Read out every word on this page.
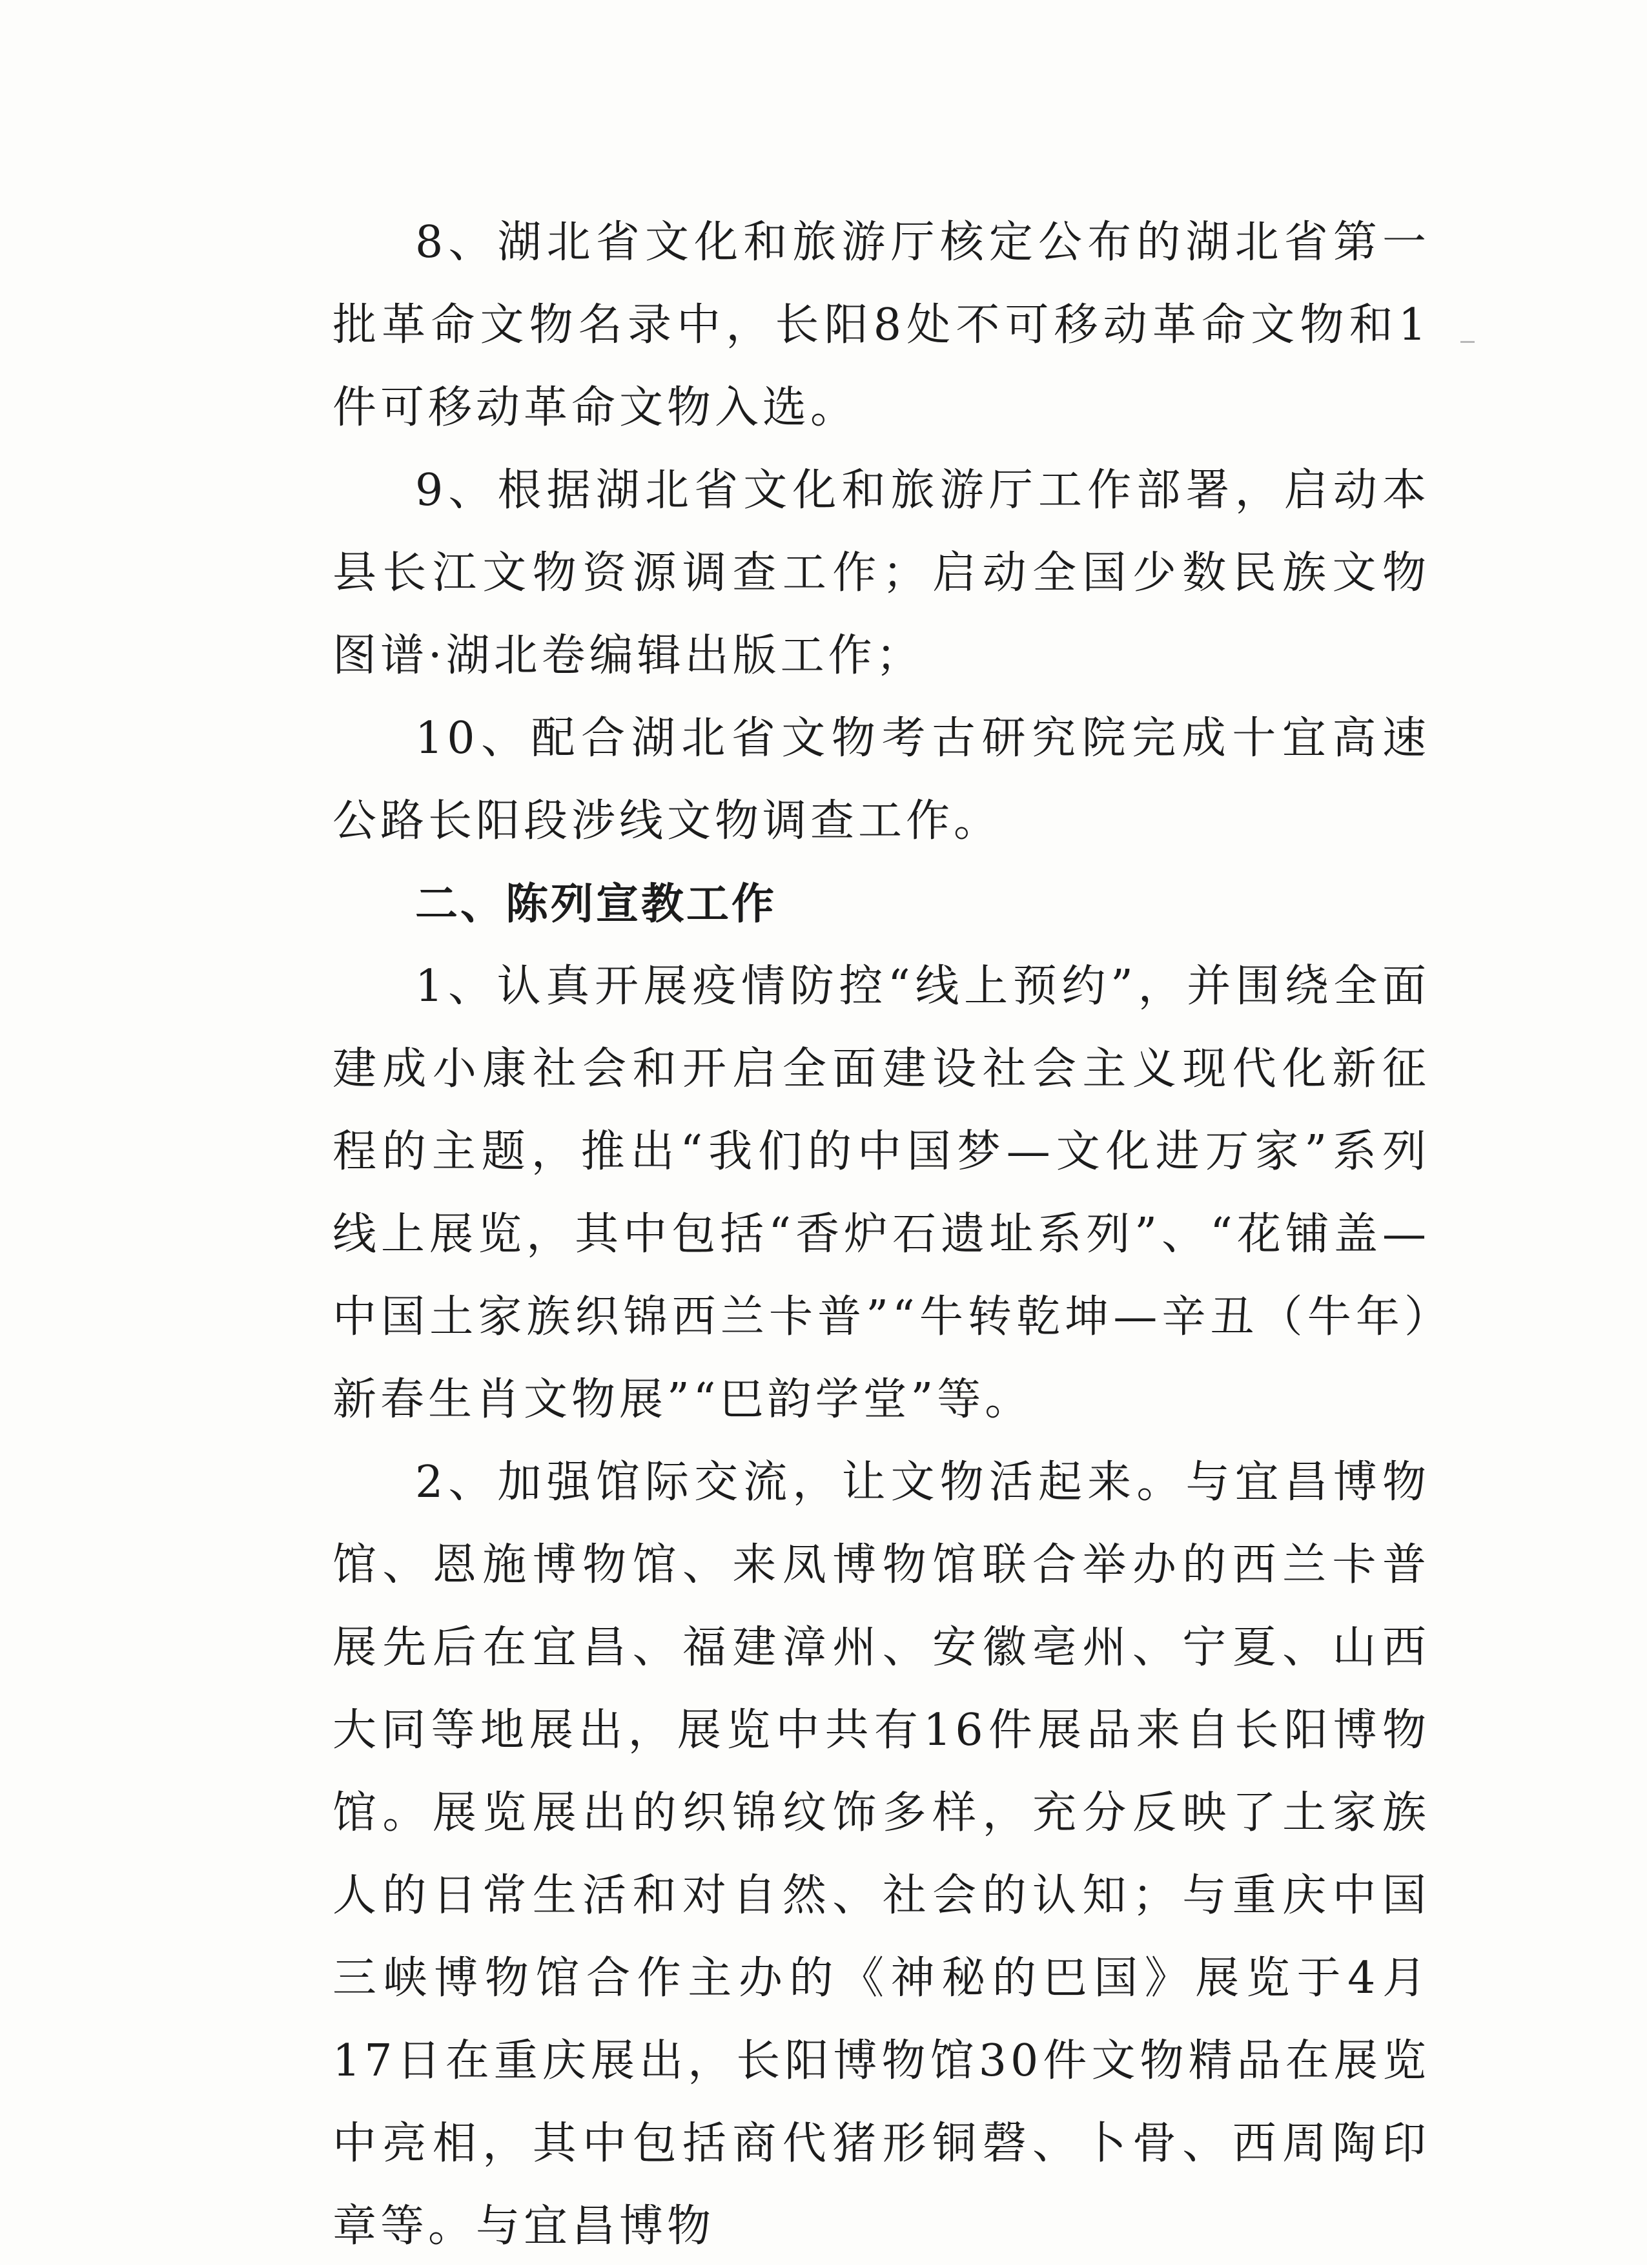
8、湖北省文化和旅游厅核定公布的湖北省第一批革命文物名录中，长阳8处不可移动革命文物和1件可移动革命文物入选。

9、根据湖北省文化和旅游厅工作部署，启动本县长江文物资源调查工作；启动全国少数民族文物图谱·湖北卷编辑出版工作；

10、配合湖北省文物考古研究院完成十宜高速公路长阳段涉线文物调查工作。

二、陈列宣教工作

1、认真开展疫情防控“线上预约”，并围绕全面建成小康社会和开启全面建设社会主义现代化新征程的主题，推出“我们的中国梦—文化进万家”系列线上展览，其中包括“香炉石遗址系列”、“花铺盖—中国土家族织锦西兰卡普”“牛转乾坤—辛丑（牛年）新春生肖文物展”“巴韵学堂”等。

2、加强馆际交流，让文物活起来。与宜昌博物馆、恩施博物馆、来凤博物馆联合举办的西兰卡普展先后在宜昌、福建漳州、安徽亳州、宁夏、山西大同等地展出，展览中共有16件展品来自长阳博物馆。展览展出的织锦纹饰多样，充分反映了土家族人的日常生活和对自然、社会的认知；与重庆中国三峡博物馆合作主办的《神秘的巴国》展览于4月17日在重庆展出，长阳博物馆30件文物精品在展览中亮相，其中包括商代猪形铜磬、卜骨、西周陶印章等。与宜昌博物
